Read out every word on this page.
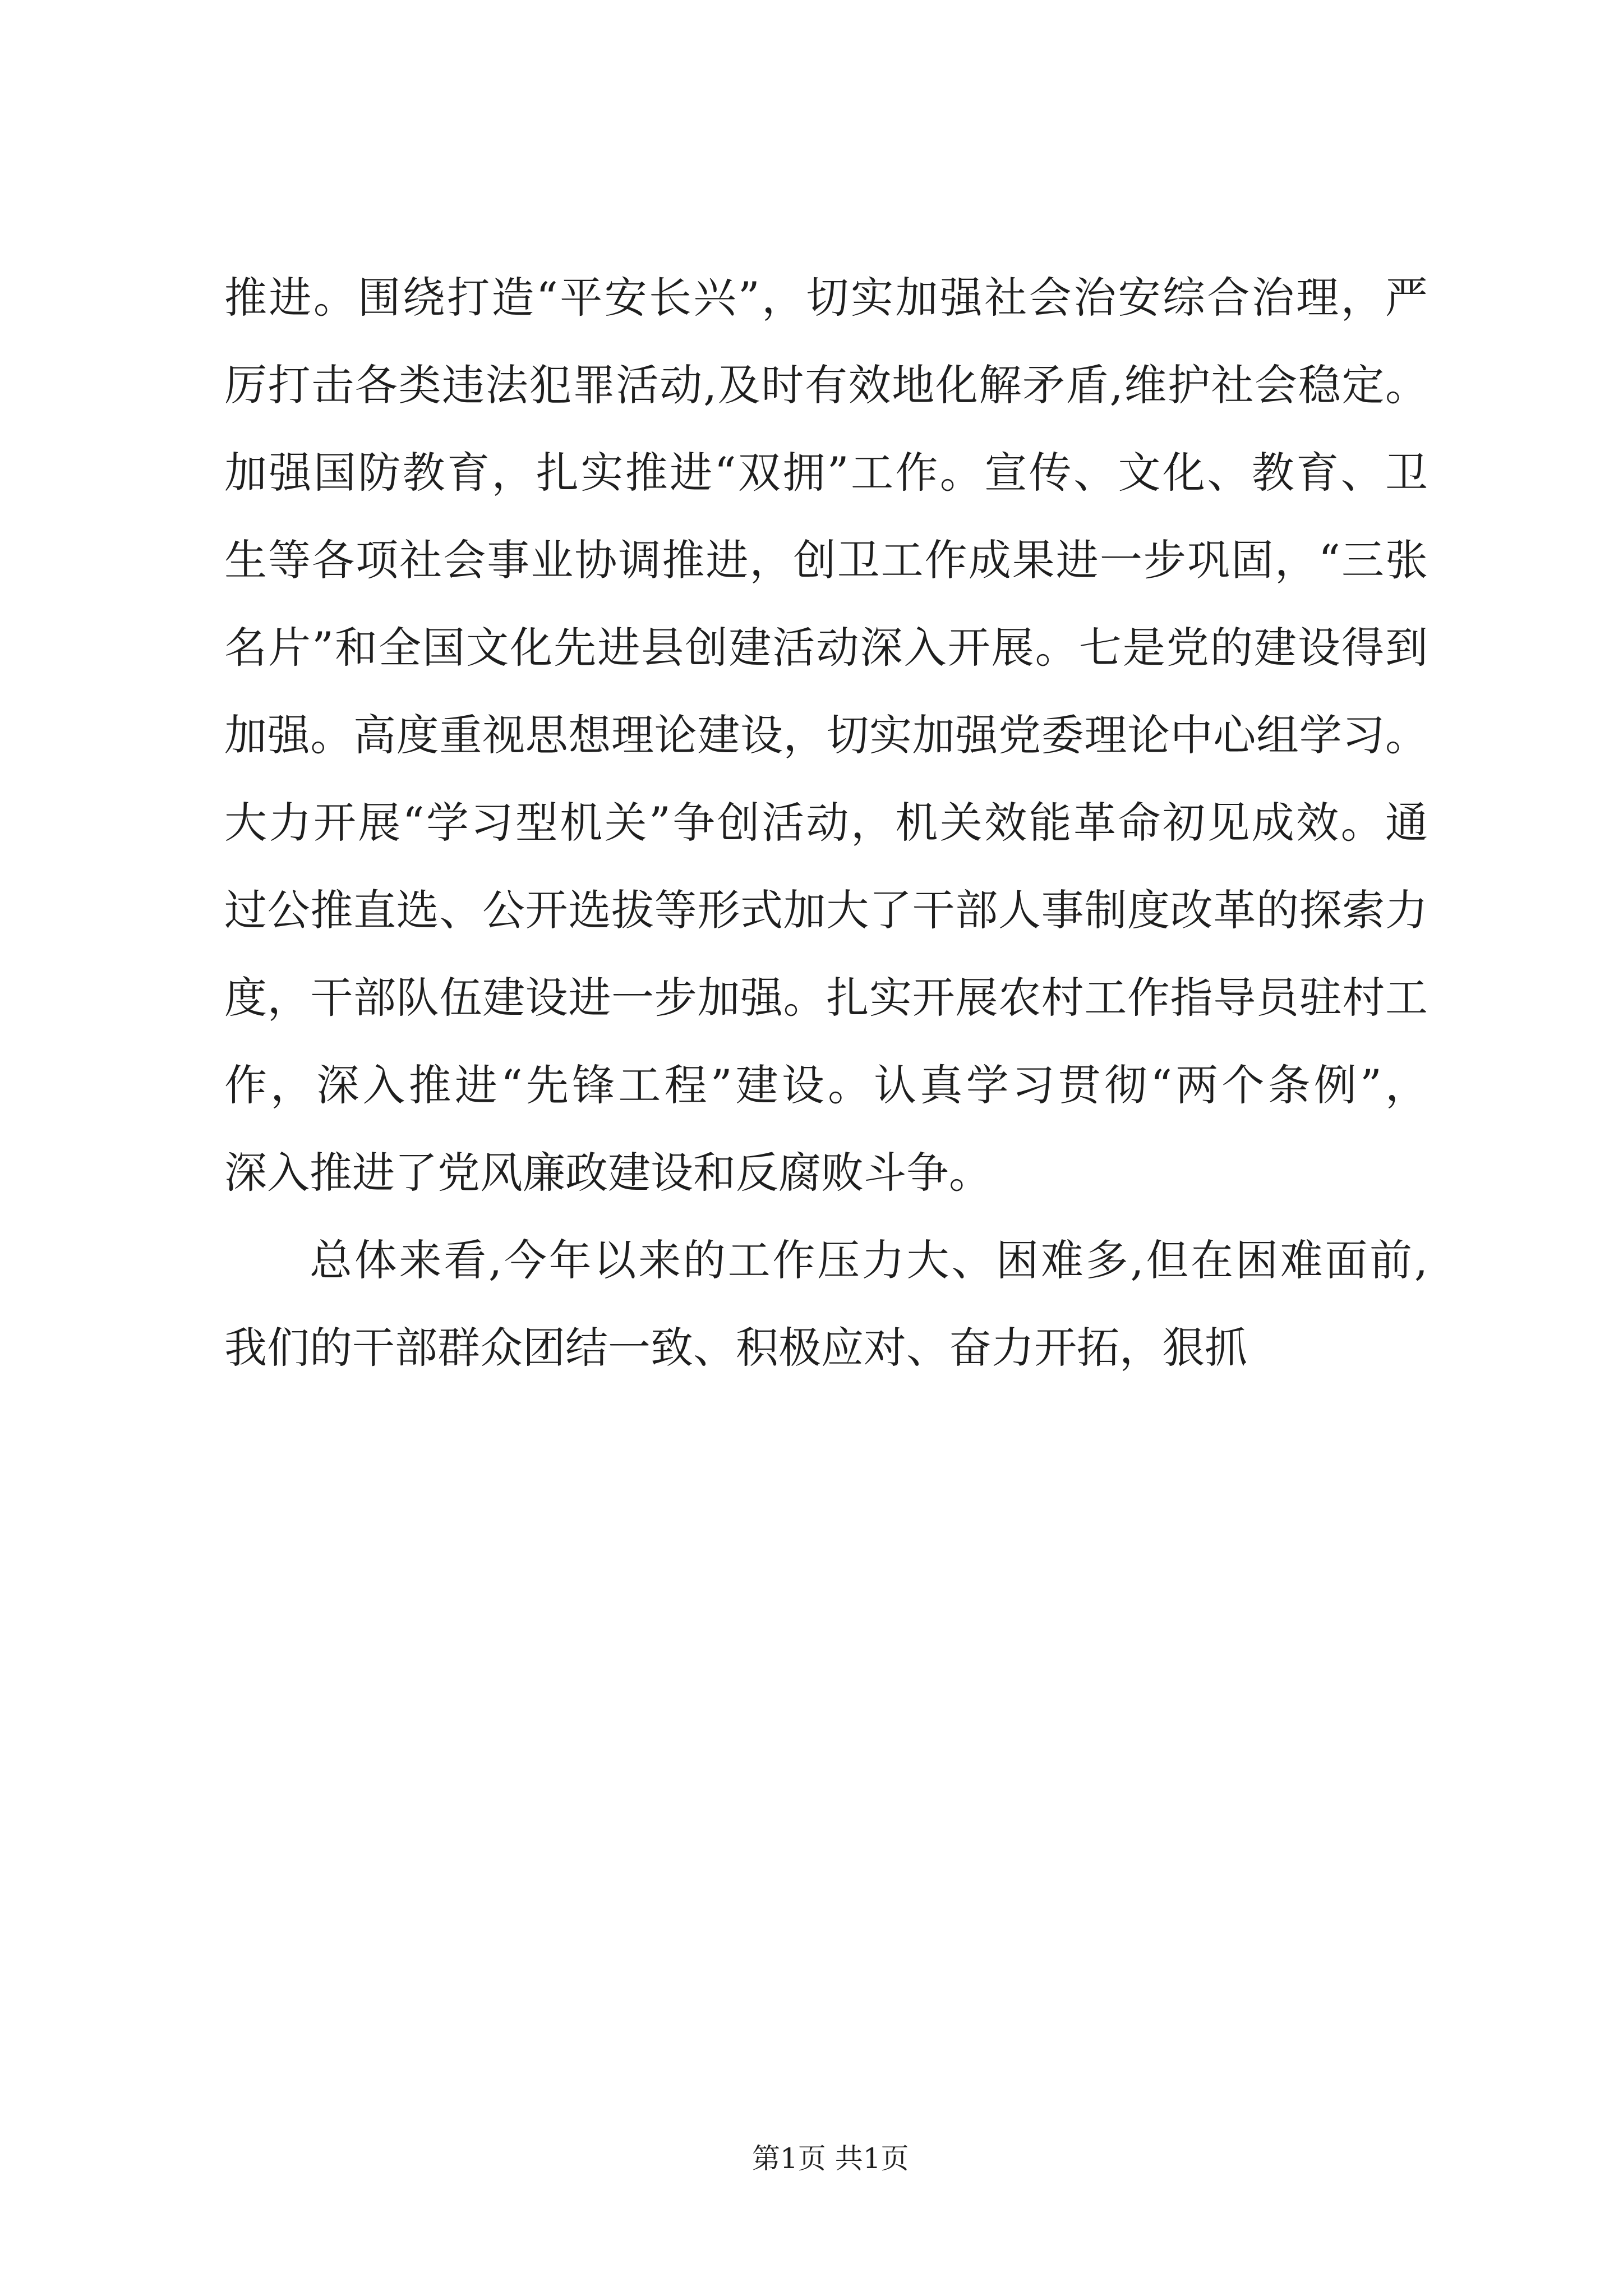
推进。围绕打造“平安长兴”，切实加强社会治安综合治理，严
厉打击各类违法犯罪活动,及时有效地化解矛盾,维护社会稳定。
加强国防教育，扎实推进“双拥”工作。宣传、文化、教育、卫
生等各项社会事业协调推进，创卫工作成果进一步巩固，“三张
名片”和全国文化先进县创建活动深入开展。七是党的建设得到
加强。高度重视思想理论建设，切实加强党委理论中心组学习。
大力开展“学习型机关”争创活动，机关效能革命初见成效。通
过公推直选、公开选拔等形式加大了干部人事制度改革的探索力
度，干部队伍建设进一步加强。扎实开展农村工作指导员驻村工
作，深入推进“先锋工程”建设。认真学习贯彻“两个条例”，
深入推进了党风廉政建设和反腐败斗争。
总体来看,今年以来的工作压力大、困难多,但在困难面前,
我们的干部群众团结一致、积极应对、奋力开拓，狠抓
第1页 共1页
